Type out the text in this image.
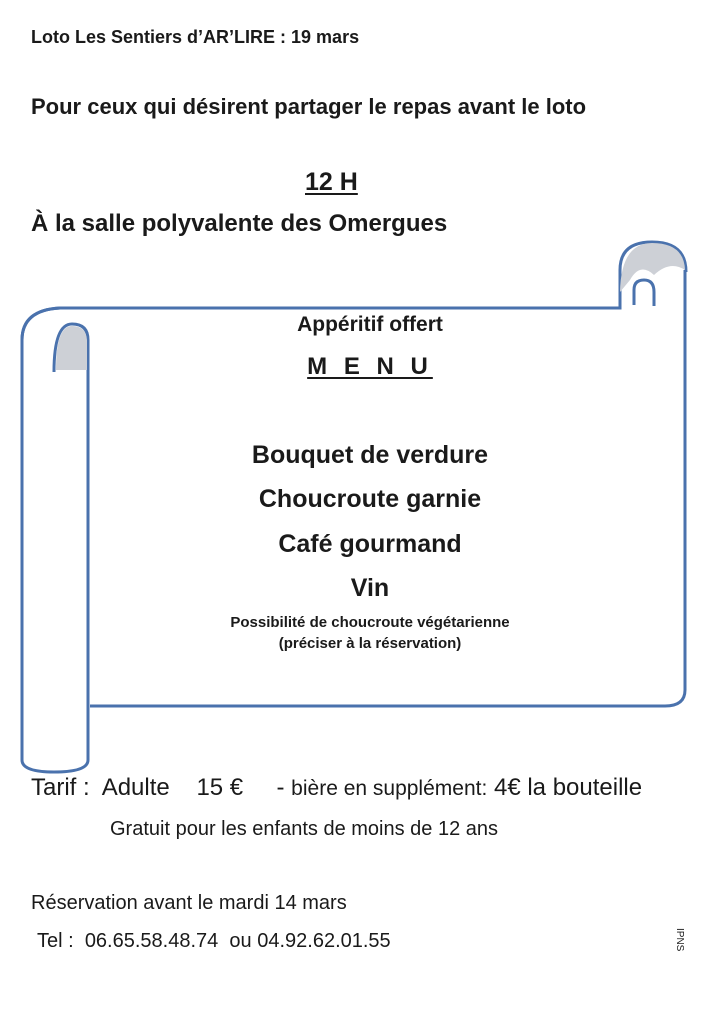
Loto Les Sentiers d’AR’LIRE : 19 mars
Pour ceux qui désirent partager le repas avant le loto
12 H
À la salle polyvalente des Omergues
Appéritif offert
M E N U
Bouquet de verdure
Choucroute garnie
Café gourmand
Vin
Possibilité de choucroute végétarienne
(préciser à la réservation)
Tarif : Adulte 15 € - bière en supplément: 4€ la bouteille
Gratuit pour les enfants de moins de 12 ans
Réservation avant le mardi 14 mars
Tel : 06.65.58.48.74 ou 04.92.62.01.55	IPNS
